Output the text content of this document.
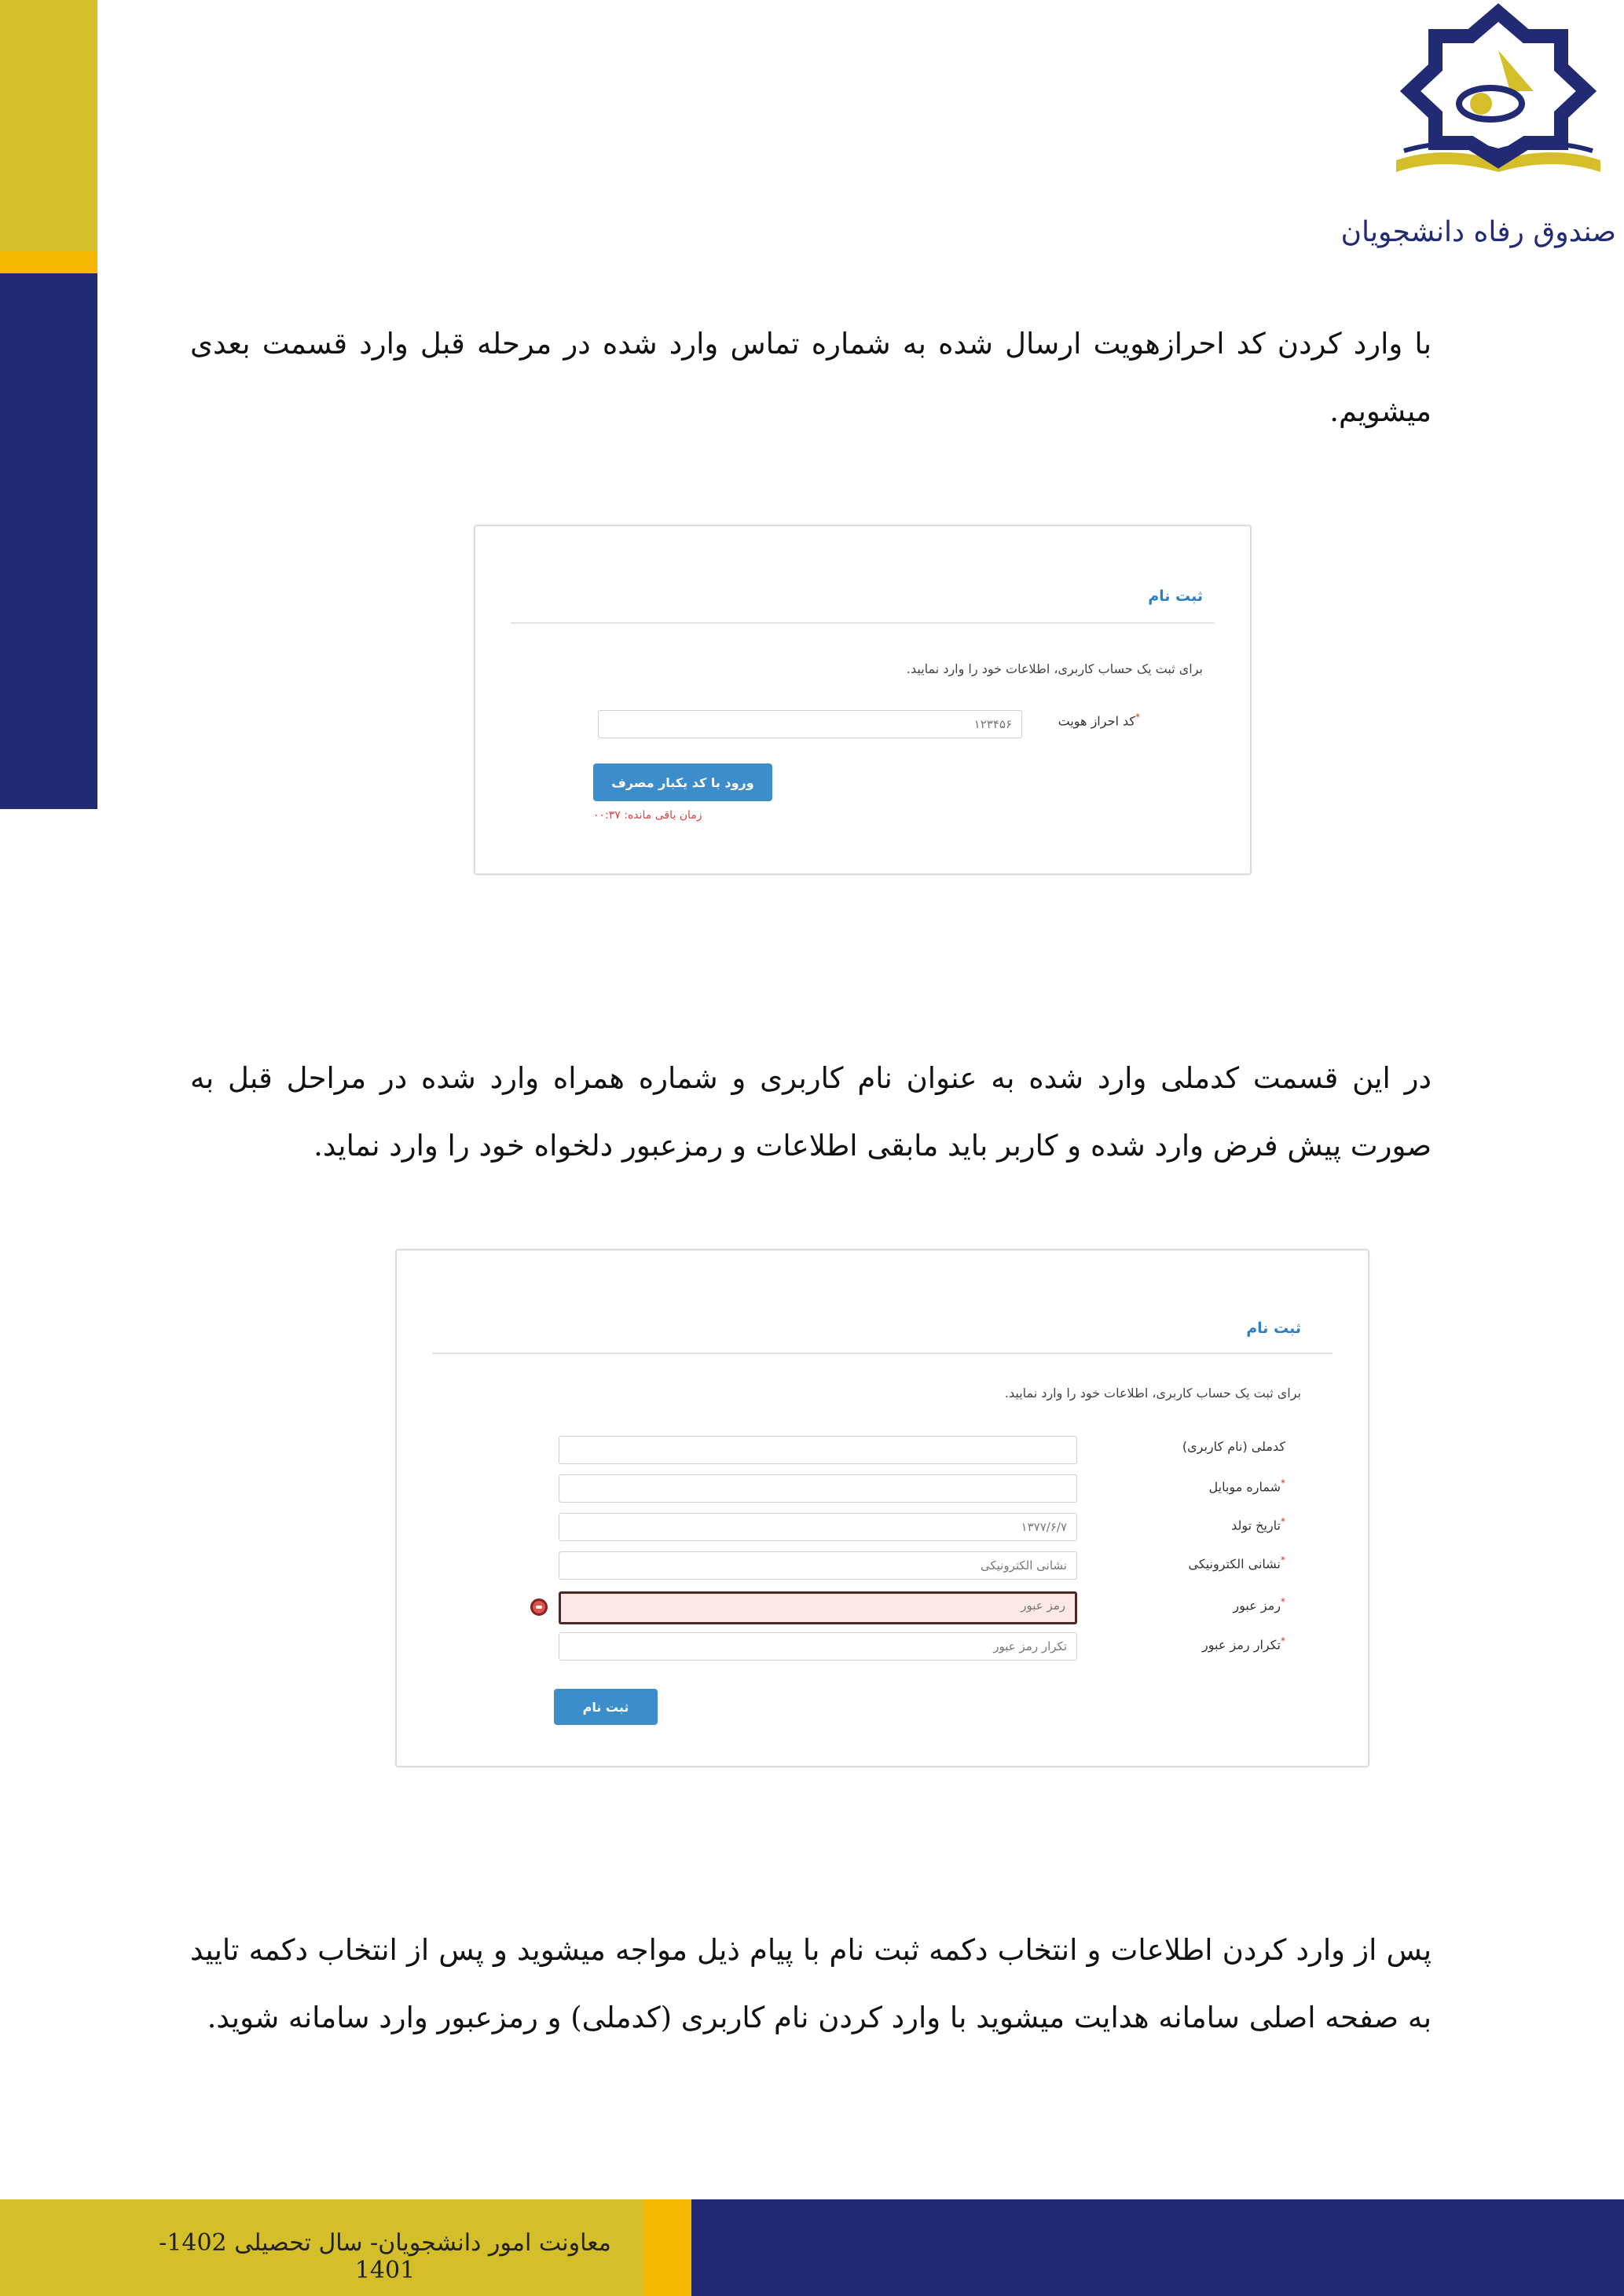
صندوق رفاه دانشجویان

با وارد کردن کد احرازهویت ارسال شده به شماره تماس وارد شده در مرحله قبل وارد قسمت بعدی میشویم.

ثبت نام
برای ثبت یک حساب کاربری، اطلاعات خود را وارد نمایید.
*کد احراز هویت
۱۲۳۴۵۶
ورود با کد یکبار مصرف
زمان باقی مانده: ۰۰:۳۷

در این قسمت کدملی وارد شده به عنوان نام کاربری و شماره همراه وارد شده در مراحل قبل به صورت پیش فرض وارد شده و کاربر باید مابقی اطلاعات و رمزعبور دلخواه خود را وارد نماید.

ثبت نام
برای ثبت یک حساب کاربری، اطلاعات خود را وارد نمایید.
کدملی (نام کاربری)
*شماره موبایل
*تاریخ تولد
۱۳۷۷/۶/۷
*نشانی الکترونیکی
نشانی الکترونیکی
*رمز عبور
رمز عبور
*تکرار رمز عبور
تکرار رمز عبور
ثبت نام

پس از وارد کردن اطلاعات و انتخاب دکمه ثبت نام با پیام ذیل مواجه میشوید و پس از انتخاب دکمه تایید به صفحه اصلی سامانه هدایت میشوید با وارد کردن نام کاربری (کدملی) و رمزعبور وارد سامانه شوید.

معاونت امور دانشجویان- سال تحصیلی 1402-1401
